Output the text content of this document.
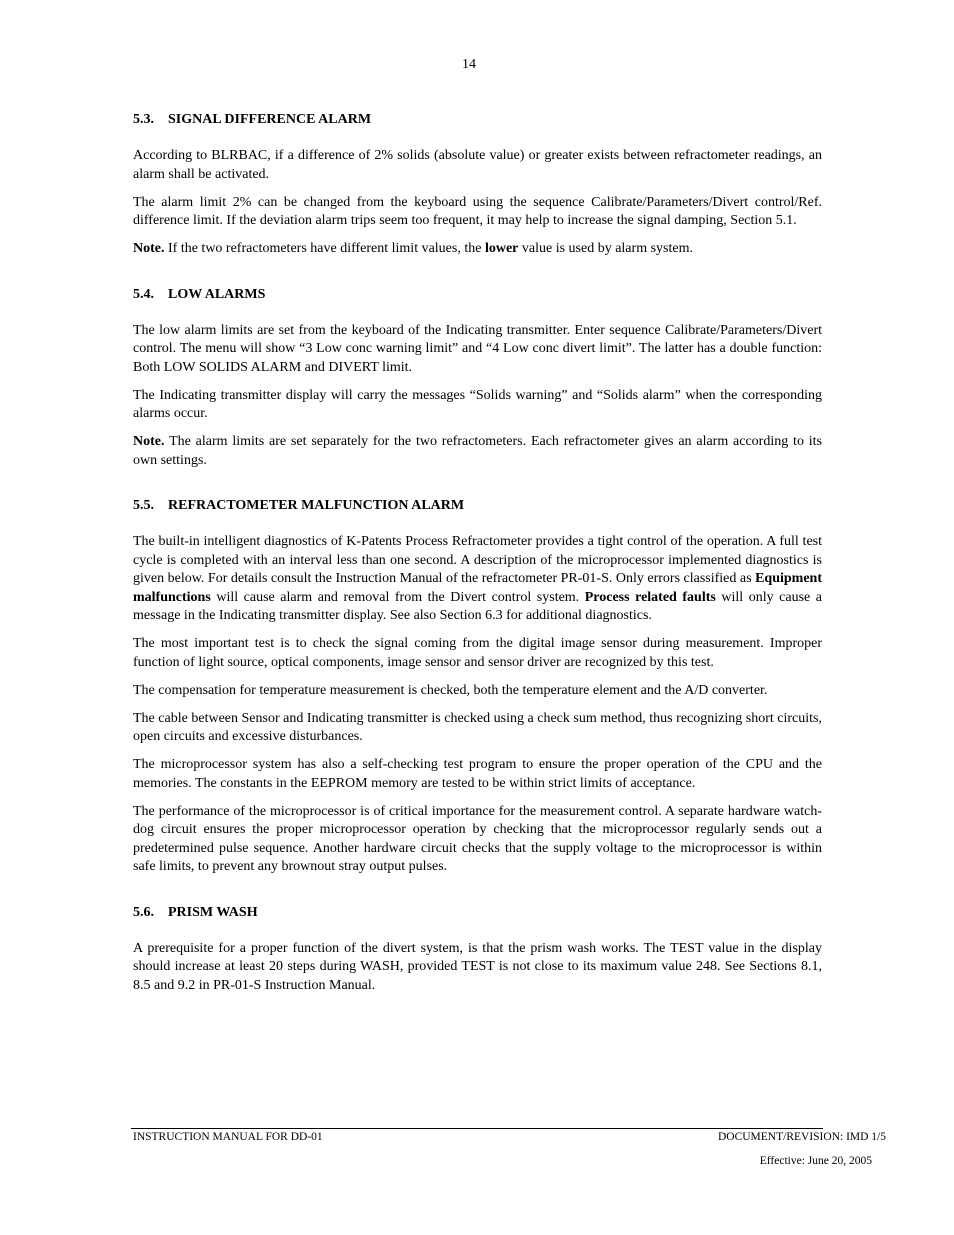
14
5.3. SIGNAL DIFFERENCE ALARM

According to BLRBAC, if a difference of 2% solids (absolute value) or greater exists between refractometer readings, an alarm shall be activated.

The alarm limit 2% can be changed from the keyboard using the sequence Calibrate/Parameters/Divert control/Ref. difference limit. If the deviation alarm trips seem too frequent, it may help to increase the signal damping, Section 5.1.

Note. If the two refractometers have different limit values, the lower value is used by alarm system.

5.4. LOW ALARMS

The low alarm limits are set from the keyboard of the Indicating transmitter. Enter sequence Calibrate/Parameters/Divert control. The menu will show “3 Low conc warning limit” and “4 Low conc divert limit”. The latter has a double function: Both LOW SOLIDS ALARM and DIVERT limit.

The Indicating transmitter display will carry the messages “Solids warning” and “Solids alarm” when the corresponding alarms occur.

Note. The alarm limits are set separately for the two refractometers. Each refractometer gives an alarm according to its own settings.

5.5. REFRACTOMETER MALFUNCTION ALARM

The built-in intelligent diagnostics of K-Patents Process Refractometer provides a tight control of the operation. A full test cycle is completed with an interval less than one second. A description of the microprocessor implemented diagnostics is given below. For details consult the Instruction Manual of the refractometer PR-01-S. Only errors classified as Equipment malfunctions will cause alarm and removal from the Divert control system. Process related faults will only cause a message in the Indicating transmitter display. See also Section 6.3 for additional diagnostics.

The most important test is to check the signal coming from the digital image sensor during measurement. Improper function of light source, optical components, image sensor and sensor driver are recognized by this test.

The compensation for temperature measurement is checked, both the temperature element and the A/D converter.

The cable between Sensor and Indicating transmitter is checked using a check sum method, thus recognizing short circuits, open circuits and excessive disturbances.

The microprocessor system has also a self-checking test program to ensure the proper operation of the CPU and the memories. The constants in the EEPROM memory are tested to be within strict limits of acceptance.

The performance of the microprocessor is of critical importance for the measurement control. A separate hardware watch-dog circuit ensures the proper microprocessor operation by checking that the microprocessor regularly sends out a predetermined pulse sequence. Another hardware circuit checks that the supply voltage to the microprocessor is within safe limits, to prevent any brownout stray output pulses.

5.6. PRISM WASH

A prerequisite for a proper function of the divert system, is that the prism wash works. The TEST value in the display should increase at least 20 steps during WASH, provided TEST is not close to its maximum value 248. See Sections 8.1, 8.5 and 9.2 in PR-01-S Instruction Manual.

INSTRUCTION MANUAL FOR DD-01	DOCUMENT/REVISION: IMD 1/5
Effective: June 20, 2005
